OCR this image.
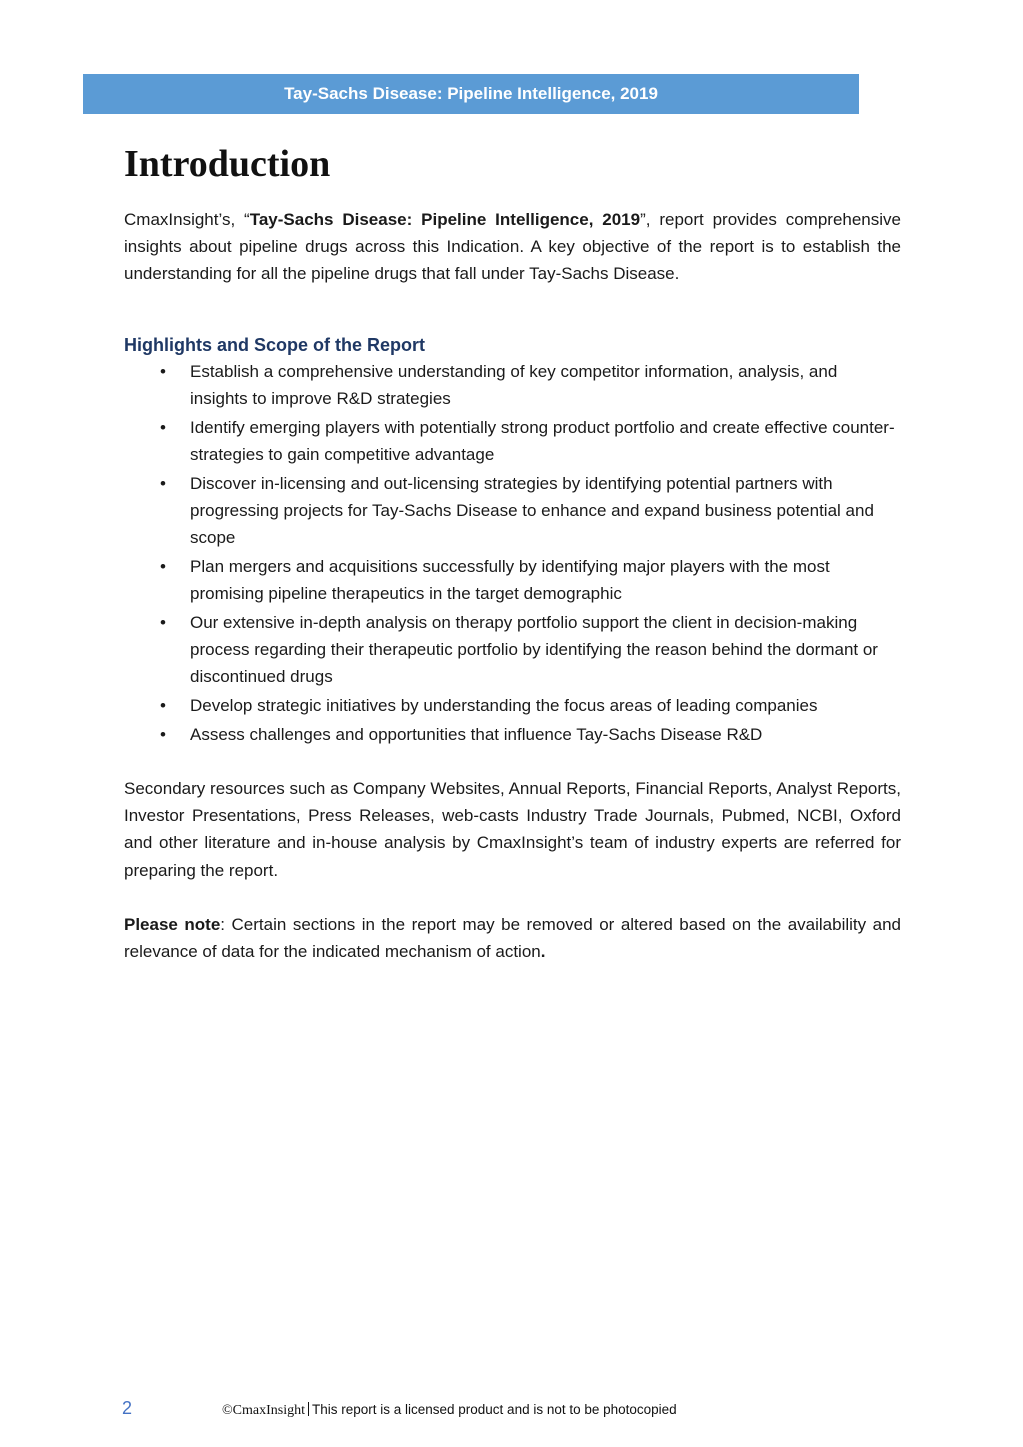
Tay-Sachs Disease: Pipeline Intelligence, 2019
Introduction

CmaxInsight’s, “Tay-Sachs Disease: Pipeline Intelligence, 2019”, report provides comprehensive insights about pipeline drugs across this Indication. A key objective of the report is to establish the understanding for all the pipeline drugs that fall under Tay-Sachs Disease.

Highlights and Scope of the Report
• Establish a comprehensive understanding of key competitor information, analysis, and insights to improve R&D strategies
• Identify emerging players with potentially strong product portfolio and create effective counter-strategies to gain competitive advantage
• Discover in-licensing and out-licensing strategies by identifying potential partners with progressing projects for Tay-Sachs Disease to enhance and expand business potential and scope
• Plan mergers and acquisitions successfully by identifying major players with the most promising pipeline therapeutics in the target demographic
• Our extensive in-depth analysis on therapy portfolio support the client in decision-making process regarding their therapeutic portfolio by identifying the reason behind the dormant or discontinued drugs
• Develop strategic initiatives by understanding the focus areas of leading companies
• Assess challenges and opportunities that influence Tay-Sachs Disease R&D

Secondary resources such as Company Websites, Annual Reports, Financial Reports, Analyst Reports, Investor Presentations, Press Releases, web-casts Industry Trade Journals, Pubmed, NCBI, Oxford and other literature and in-house analysis by CmaxInsight’s team of industry experts are referred for preparing the report.

Please note: Certain sections in the report may be removed or altered based on the availability and relevance of data for the indicated mechanism of action.

2	©CmaxInsight This report is a licensed product and is not to be photocopied
